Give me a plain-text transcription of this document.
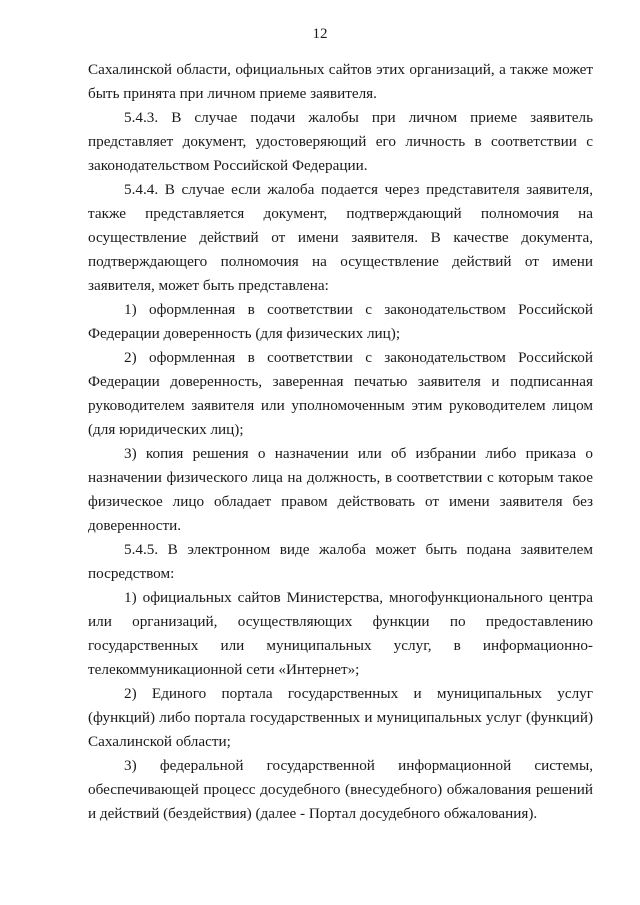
12

Сахалинской области, официальных сайтов этих организаций, а также может быть принята при личном приеме заявителя.

5.4.3. В случае подачи жалобы при личном приеме заявитель представляет документ, удостоверяющий его личность в соответствии с законодательством Российской Федерации.

5.4.4. В случае если жалоба подается через представителя заявителя, также представляется документ, подтверждающий полномочия на осуществление действий от имени заявителя. В качестве документа, подтверждающего полномочия на осуществление действий от имени заявителя, может быть представлена:

1) оформленная в соответствии с законодательством Российской Федерации доверенность (для физических лиц);

2) оформленная в соответствии с законодательством Российской Федерации доверенность, заверенная печатью заявителя и подписанная руководителем заявителя или уполномоченным этим руководителем лицом (для юридических лиц);

3) копия решения о назначении или об избрании либо приказа о назначении физического лица на должность, в соответствии с которым такое физическое лицо обладает правом действовать от имени заявителя без доверенности.

5.4.5. В электронном виде жалоба может быть подана заявителем посредством:

1) официальных сайтов Министерства, многофункционального центра или организаций, осуществляющих функции по предоставлению государственных или муниципальных услуг, в информационно-телекоммуникационной сети «Интернет»;

2) Единого портала государственных и муниципальных услуг (функций) либо портала государственных и муниципальных услуг (функций) Сахалинской области;

3) федеральной государственной информационной системы, обеспечивающей процесс досудебного (внесудебного) обжалования решений и действий (бездействия) (далее - Портал досудебного обжалования).
